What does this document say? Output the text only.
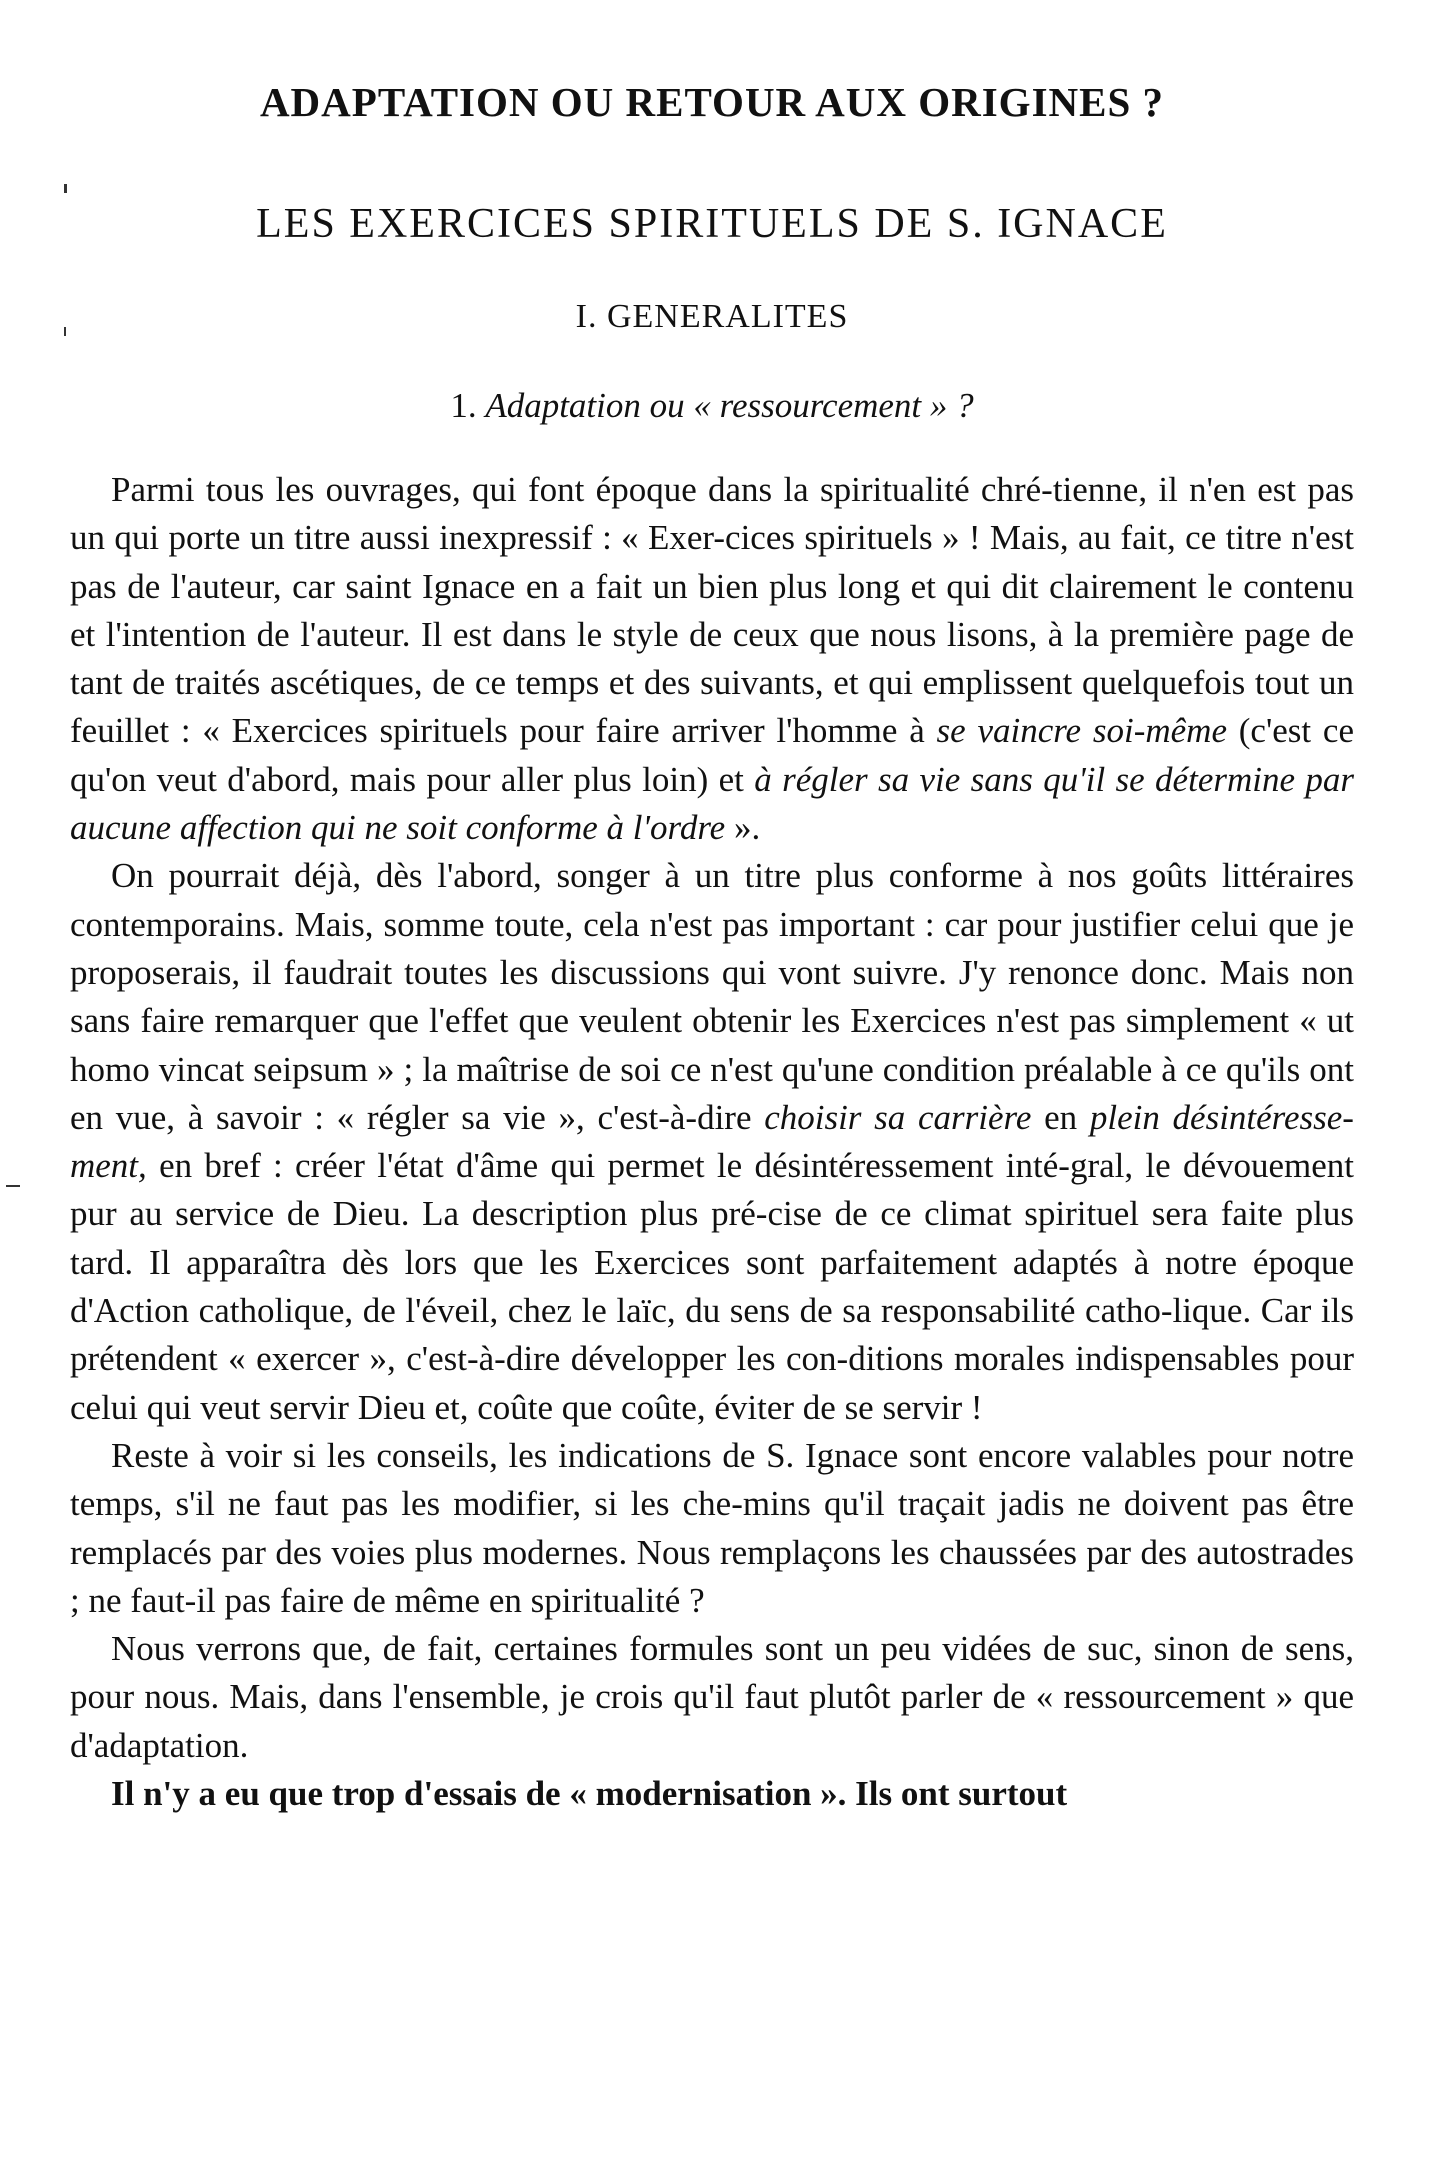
ADAPTATION OU RETOUR AUX ORIGINES ?
LES EXERCICES SPIRITUELS DE S. IGNACE
I. GENERALITES
1. Adaptation ou « ressourcement » ?

Parmi tous les ouvrages, qui font époque dans la spiritualité chré-tienne, il n'en est pas un qui porte un titre aussi inexpressif : « Exer-cices spirituels » ! Mais, au fait, ce titre n'est pas de l'auteur, car saint Ignace en a fait un bien plus long et qui dit clairement le contenu et l'intention de l'auteur. Il est dans le style de ceux que nous lisons, à la première page de tant de traités ascétiques, de ce temps et des suivants, et qui emplissent quelquefois tout un feuillet : « Exercices spirituels pour faire arriver l'homme à se vaincre soi-même (c'est ce qu'on veut d'abord, mais pour aller plus loin) et à régler sa vie sans qu'il se détermine par aucune affection qui ne soit conforme à l'ordre ».

On pourrait déjà, dès l'abord, songer à un titre plus conforme à nos goûts littéraires contemporains. Mais, somme toute, cela n'est pas important : car pour justifier celui que je proposerais, il faudrait toutes les discussions qui vont suivre. J'y renonce donc. Mais non sans faire remarquer que l'effet que veulent obtenir les Exercices n'est pas simplement « ut homo vincat seipsum » ; la maîtrise de soi ce n'est qu'une condition préalable à ce qu'ils ont en vue, à savoir : « régler sa vie », c'est-à-dire choisir sa carrière en plein désintéresse-ment, en bref : créer l'état d'âme qui permet le désintéressement inté-gral, le dévouement pur au service de Dieu. La description plus pré-cise de ce climat spirituel sera faite plus tard. Il apparaîtra dès lors que les Exercices sont parfaitement adaptés à notre époque d'Action catholique, de l'éveil, chez le laïc, du sens de sa responsabilité catho-lique. Car ils prétendent « exercer », c'est-à-dire développer les con-ditions morales indispensables pour celui qui veut servir Dieu et, coûte que coûte, éviter de se servir !

Reste à voir si les conseils, les indications de S. Ignace sont encore valables pour notre temps, s'il ne faut pas les modifier, si les che-mins qu'il traçait jadis ne doivent pas être remplacés par des voies plus modernes. Nous remplaçons les chaussées par des autostrades ; ne faut-il pas faire de même en spiritualité ?

Nous verrons que, de fait, certaines formules sont un peu vidées de suc, sinon de sens, pour nous. Mais, dans l'ensemble, je crois qu'il faut plutôt parler de « ressourcement » que d'adaptation.

Il n'y a eu que trop d'essais de « modernisation ». Ils ont surtout
